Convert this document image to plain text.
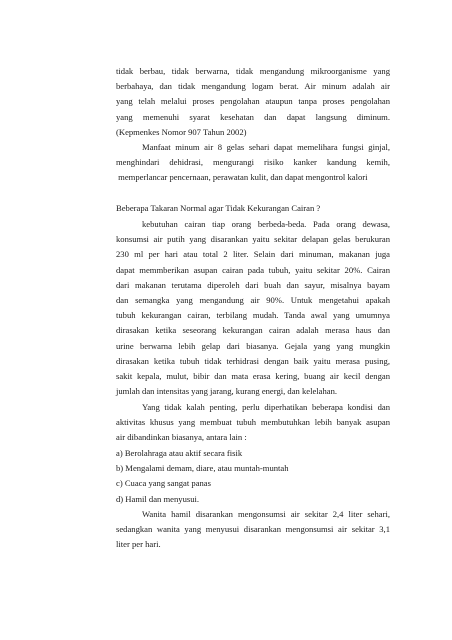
tidak berbau, tidak berwarna, tidak mengandung mikroorganisme yang
berbahaya, dan tidak mengandung logam berat. Air minum adalah air
yang telah melalui proses pengolahan ataupun tanpa proses pengolahan
yang memenuhi syarat kesehatan dan dapat langsung diminum.
(Kepmenkes Nomor 907 Tahun 2002)
Manfaat minum air 8 gelas sehari dapat memelihara fungsi ginjal,
menghindari dehidrasi, mengurangi risiko kanker kandung kemih,
memperlancar pencernaan, perawatan kulit, dan dapat mengontrol kalori
Beberapa Takaran Normal agar Tidak Kekurangan Cairan ?
kebutuhan cairan tiap orang berbeda-beda. Pada orang dewasa,
konsumsi air putih yang disarankan yaitu sekitar delapan gelas berukuran
230 ml per hari atau total 2 liter. Selain dari minuman, makanan juga
dapat memmberikan asupan cairan pada tubuh, yaitu sekitar 20%. Cairan
dari makanan terutama diperoleh dari buah dan sayur, misalnya bayam
dan semangka yang mengandung air 90%. Untuk mengetahui apakah
tubuh kekurangan cairan, terbilang mudah. Tanda awal yang umumnya
dirasakan ketika seseorang kekurangan cairan adalah merasa haus dan
urine berwarna lebih gelap dari biasanya. Gejala yang yang mungkin
dirasakan ketika tubuh tidak terhidrasi dengan baik yaitu merasa pusing,
sakit kepala, mulut, bibir dan mata erasa kering, buang air kecil dengan
jumlah dan intensitas yang jarang, kurang energi, dan kelelahan.
Yang tidak kalah penting, perlu diperhatikan beberapa kondisi dan
aktivitas khusus yang membuat tubuh membutuhkan lebih banyak asupan
air dibandinkan biasanya, antara lain :
a) Berolahraga atau aktif secara fisik
b) Mengalami demam, diare, atau muntah-muntah
c) Cuaca yang sangat panas
d) Hamil dan menyusui.
Wanita hamil disarankan mengonsumsi air sekitar 2,4 liter sehari,
sedangkan wanita yang menyusui disarankan mengonsumsi air sekitar 3,1
liter per hari.
